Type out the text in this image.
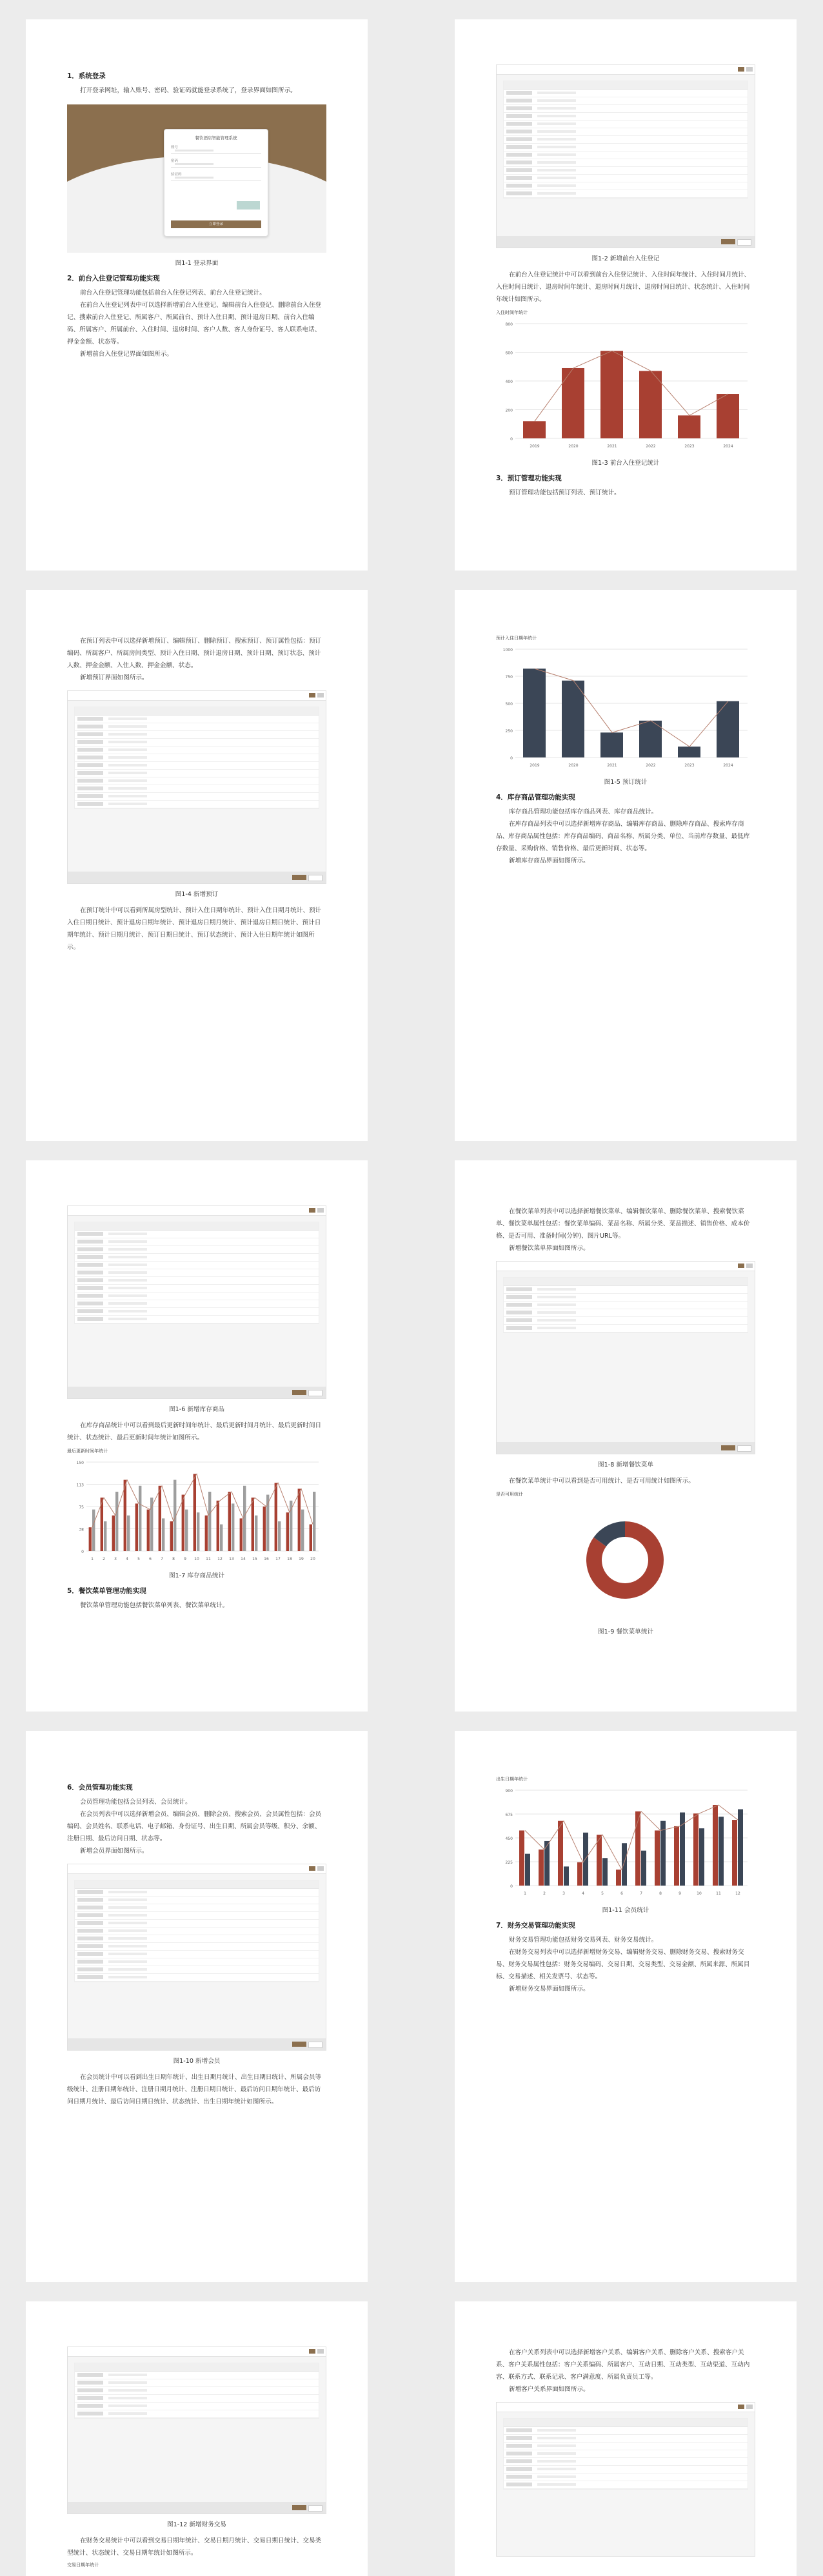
1．系统登录

打开登录网址，输入账号、密码、验证码就能登录系统了，登录界面如图所示。

餐饮酒店智能管理系统
账号
密码
验证码
立即登录
图1-1 登录界面
2．前台入住登记管理功能实现

前台入住登记管理功能包括前台入住登记列表、前台入住登记统计。

在前台入住登记列表中可以选择新增前台入住登记、编辑前台入住登记、删除前台入住登记、搜索前台入住登记、所属客户、所属前台、预计入住日期、预计退房日期、前台入住编码、所属客户、所属前台、入住时间、退房时间、客户人数、客人身份证号、客人联系电话、押金金额、状态等。

新增前台入住登记界面如图所示。

图1-2 新增前台入住登记

在前台入住登记统计中可以看到前台入住登记统计、入住时间年统计、入住时间月统计、入住时间日统计、退房时间年统计、退房时间月统计、退房时间日统计、状态统计、入住时间年统计如图所示。

入住时间年统计
0
200
400
600
800
2019	2020	2021	2022	2023	2024
图1-3 前台入住登记统计
3．预订管理功能实现

预订管理功能包括预订列表、预订统计。

在预订列表中可以选择新增预订、编辑预订、删除预订、搜索预订、预订属性包括：预订编码、所属客户、所属房间类型、预计入住日期、预计退房日期、预计日期、预订状态、预计人数、押金金额、入住人数、押金金额、状态。

新增预订界面如图所示。

图1-4 新增预订

在预订统计中可以看到所属房型统计、预计入住日期年统计、预计入住日期月统计、预计入住日期日统计、预计退房日期年统计、预计退房日期月统计、预计退房日期日统计、预计日期年统计、预计日期月统计、预订日期日统计、预订状态统计、预计入住日期年统计如图所示。

预计入住日期年统计
0
250
500
750
1000
2019	2020	2021	2022	2023	2024
图1-5 预订统计
4．库存商品管理功能实现

库存商品管理功能包括库存商品列表、库存商品统计。

在库存商品列表中可以选择新增库存商品、编辑库存商品、删除库存商品、搜索库存商品、库存商品属性包括：库存商品编码、商品名称、所属分类、单位、当前库存数量、最低库存数量、采购价格、销售价格、最后更新时间、状态等。

新增库存商品界面如图所示。

图1-6 新增库存商品

在库存商品统计中可以看到最后更新时间年统计、最后更新时间月统计、最后更新时间日统计、状态统计、最后更新时间年统计如图所示。

最后更新时间年统计
0
38
75
113
150
1 2 3 4 5 6 7 8 9 10 11 12 13 14 15 16 17 18 19 20
图1-7 库存商品统计
5．餐饮菜单管理功能实现

餐饮菜单管理功能包括餐饮菜单列表、餐饮菜单统计。

在餐饮菜单列表中可以选择新增餐饮菜单、编辑餐饮菜单、删除餐饮菜单、搜索餐饮菜单、餐饮菜单属性包括：餐饮菜单编码、菜品名称、所属分类、菜品描述、销售价格、成本价格、是否可用、准备时间(分钟)、图片URL等。

新增餐饮菜单界面如图所示。

图1-8 新增餐饮菜单

在餐饮菜单统计中可以看到是否可用统计、是否可用统计如图所示。

是否可用统计
图1-9 餐饮菜单统计
6．会员管理功能实现

会员管理功能包括会员列表、会员统计。

在会员列表中可以选择新增会员、编辑会员、删除会员、搜索会员、会员属性包括：会员编码、会员姓名、联系电话、电子邮箱、身份证号、出生日期、所属会员等级、积分、余额、注册日期、最后访问日期、状态等。

新增会员界面如图所示。

图1-10 新增会员

在会员统计中可以看到出生日期年统计、出生日期月统计、出生日期日统计、所属会员等级统计、注册日期年统计、注册日期月统计、注册日期日统计、最后访问日期年统计、最后访问日期月统计、最后访问日期日统计、状态统计、出生日期年统计如图所示。

出生日期年统计
0
225
450
675
900
1	2	3	4	5	6	7	8	9	10	11	12
图1-11 会员统计
7．财务交易管理功能实现

财务交易管理功能包括财务交易列表、财务交易统计。

在财务交易列表中可以选择新增财务交易、编辑财务交易、删除财务交易、搜索财务交易、财务交易属性包括：财务交易编码、交易日期、交易类型、交易金额、所属来源、所属目标、交易描述、相关发票号、状态等。

新增财务交易界面如图所示。

图1-12 新增财务交易

在财务交易统计中可以看到交易日期年统计、交易日期月统计、交易日期日统计、交易类型统计、状态统计、交易日期年统计如图所示。

交易日期年统计

在客户关系列表中可以选择新增客户关系、编辑客户关系、删除客户关系、搜索客户关系、客户关系属性包括：客户关系编码、所属客户、互动日期、互动类型、互动渠道、互动内容、联系方式、联系记录、客户满意度、所属负责员工等。

新增客户关系界面如图所示。
